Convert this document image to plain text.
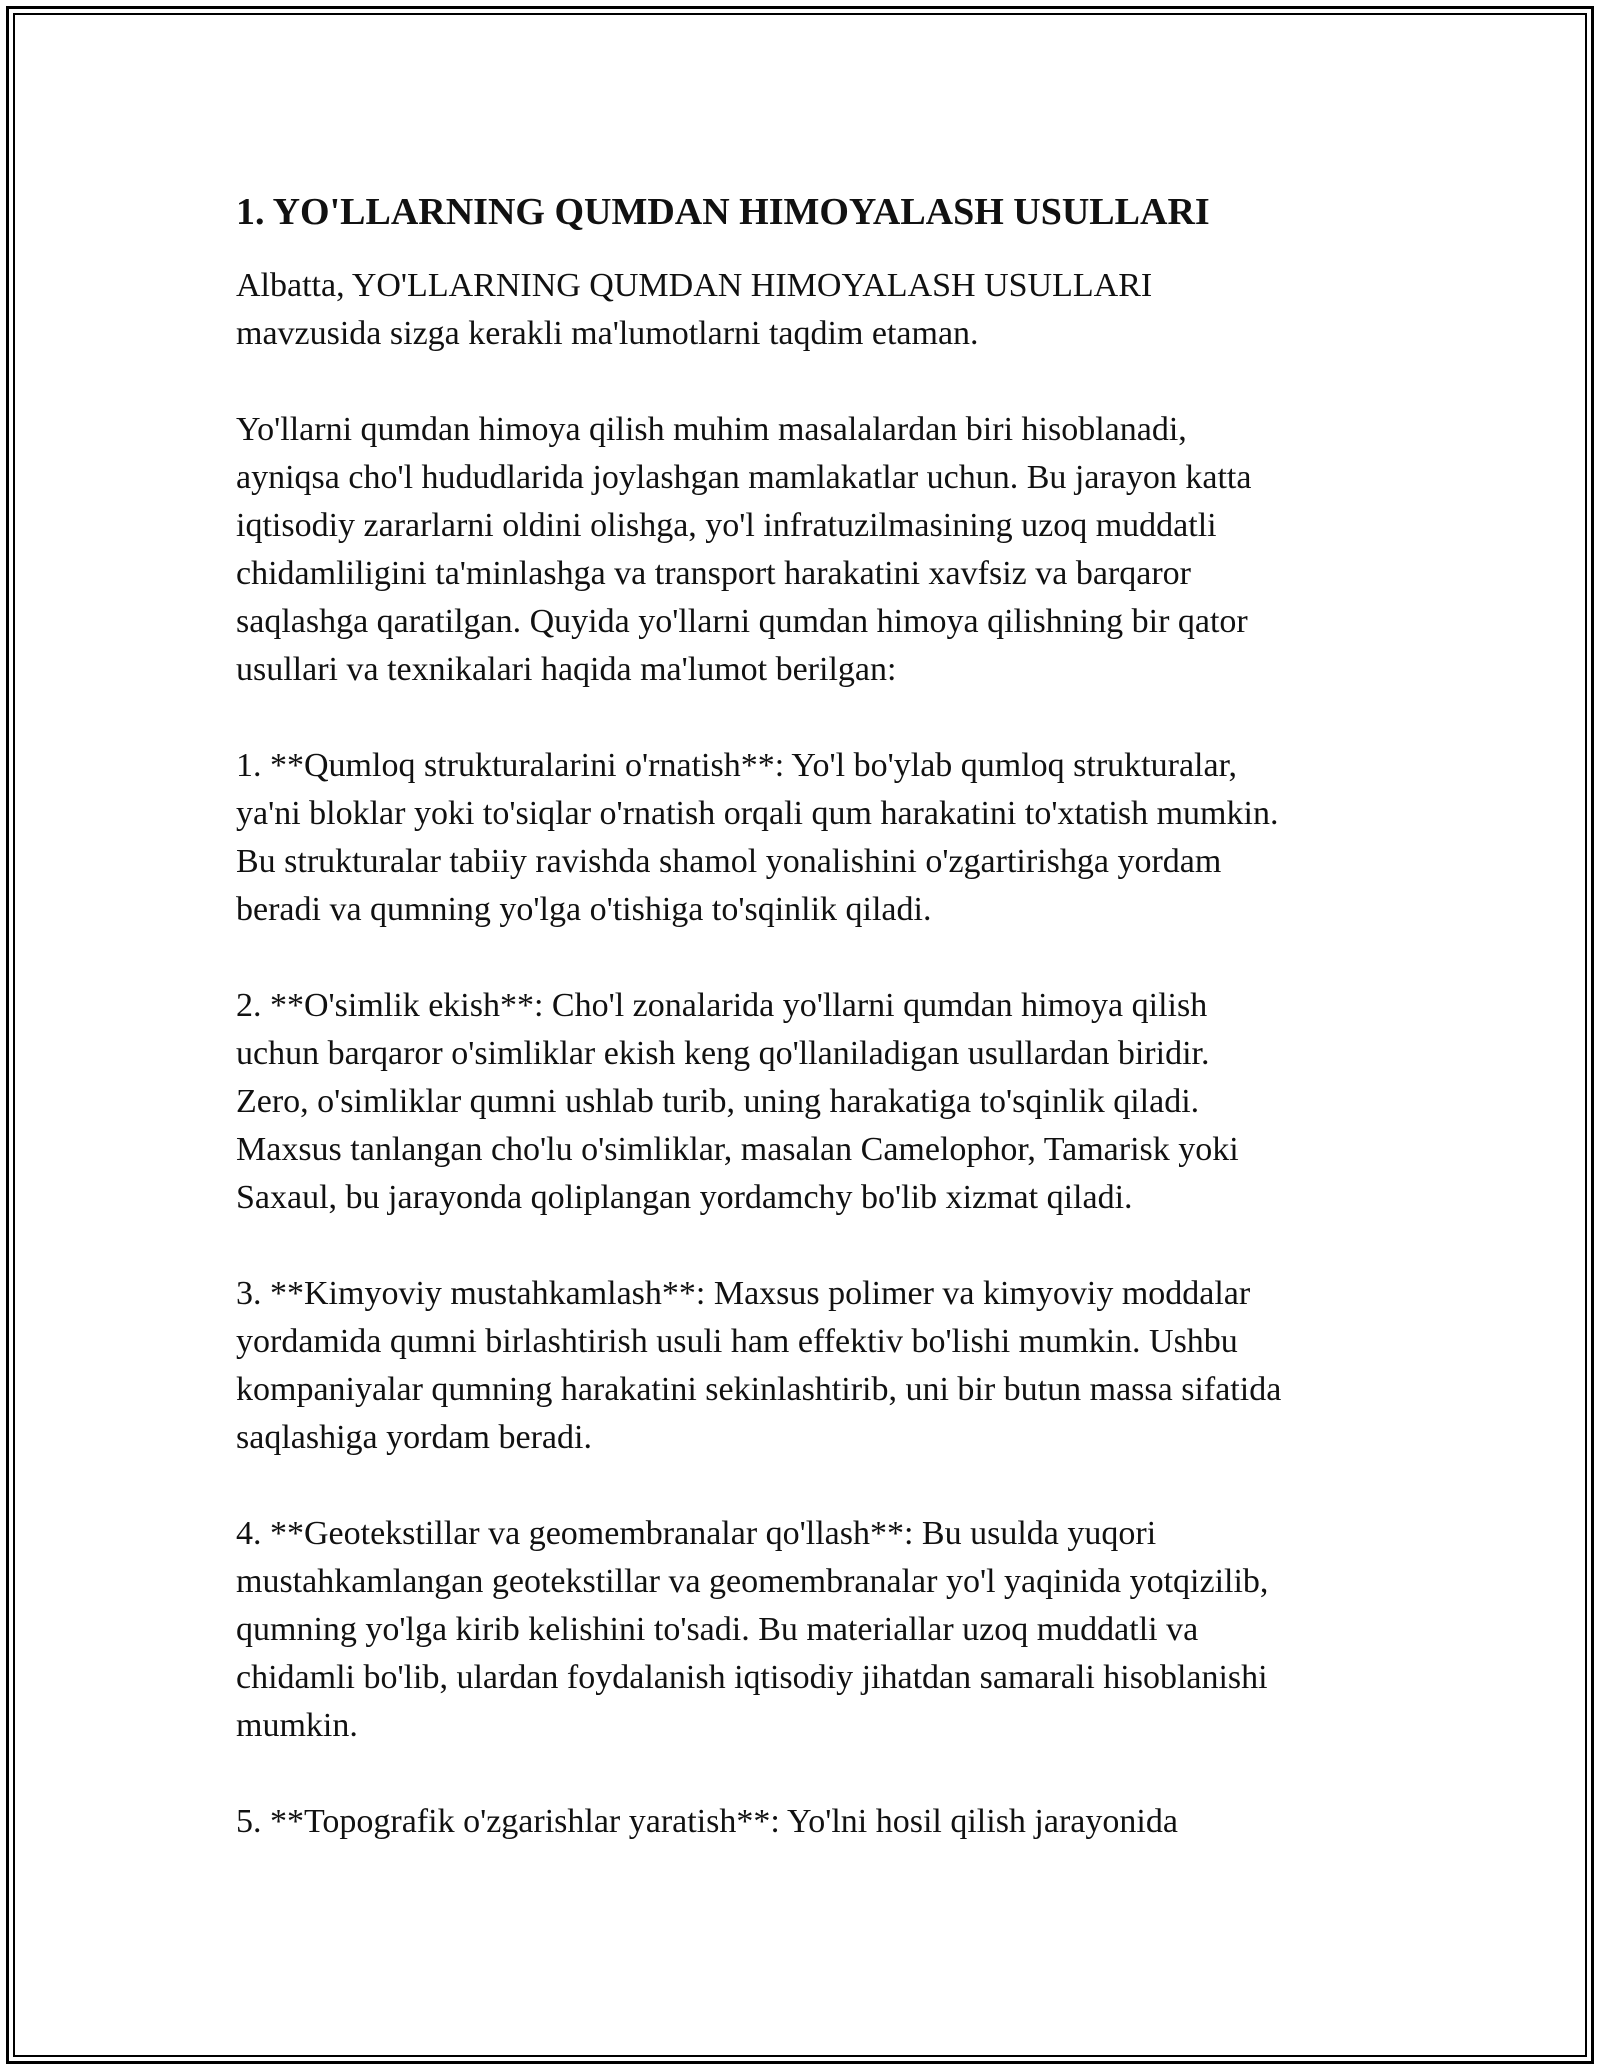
1. YO'LLARNING QUMDAN HIMOYALASH USULLARI

Albatta, YO'LLARNING QUMDAN HIMOYALASH USULLARI
mavzusida sizga kerakli ma'lumotlarni taqdim etaman.

Yo'llarni qumdan himoya qilish muhim masalalardan biri hisoblanadi,
ayniqsa cho'l hududlarida joylashgan mamlakatlar uchun. Bu jarayon katta
iqtisodiy zararlarni oldini olishga, yo'l infratuzilmasining uzoq muddatli
chidamliligini ta'minlashga va transport harakatini xavfsiz va barqaror
saqlashga qaratilgan. Quyida yo'llarni qumdan himoya qilishning bir qator
usullari va texnikalari haqida ma'lumot berilgan:

1. **Qumloq strukturalarini o'rnatish**: Yo'l bo'ylab qumloq strukturalar,
ya'ni bloklar yoki to'siqlar o'rnatish orqali qum harakatini to'xtatish mumkin.
Bu strukturalar tabiiy ravishda shamol yonalishini o'zgartirishga yordam
beradi va qumning yo'lga o'tishiga to'sqinlik qiladi.

2. **O'simlik ekish**: Cho'l zonalarida yo'llarni qumdan himoya qilish
uchun barqaror o'simliklar ekish keng qo'llaniladigan usullardan biridir.
Zero, o'simliklar qumni ushlab turib, uning harakatiga to'sqinlik qiladi.
Maxsus tanlangan cho'lu o'simliklar, masalan Camelophor, Tamarisk yoki
Saxaul, bu jarayonda qoliplangan yordamchy bo'lib xizmat qiladi.

3. **Kimyoviy mustahkamlash**: Maxsus polimer va kimyoviy moddalar
yordamida qumni birlashtirish usuli ham effektiv bo'lishi mumkin. Ushbu
kompaniyalar qumning harakatini sekinlashtirib, uni bir butun massa sifatida
saqlashiga yordam beradi.

4. **Geotekstillar va geomembranalar qo'llash**: Bu usulda yuqori
mustahkamlangan geotekstillar va geomembranalar yo'l yaqinida yotqizilib,
qumning yo'lga kirib kelishini to'sadi. Bu materiallar uzoq muddatli va
chidamli bo'lib, ulardan foydalanish iqtisodiy jihatdan samarali hisoblanishi
mumkin.

5. **Topografik o'zgarishlar yaratish**: Yo'lni hosil qilish jarayonida
